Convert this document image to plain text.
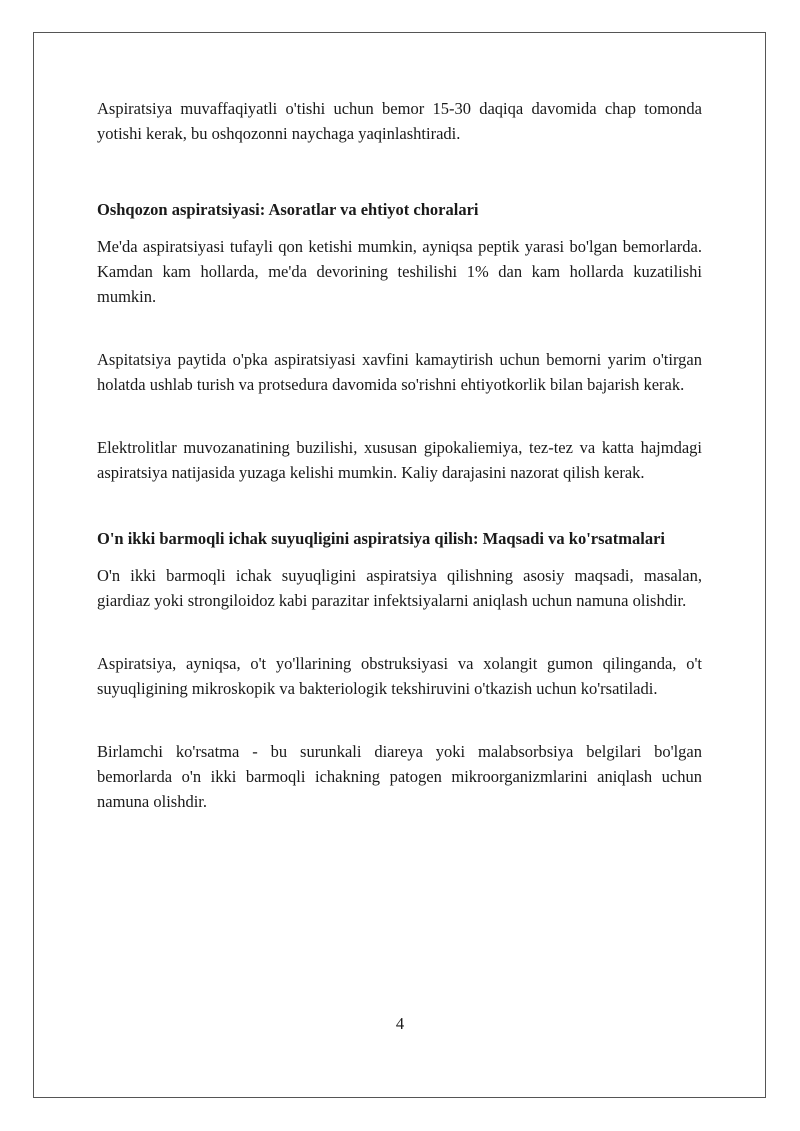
Aspiratsiya muvaffaqiyatli o'tishi uchun bemor 15-30 daqiqa davomida chap tomonda yotishi kerak, bu oshqozonni naychaga yaqinlashtiradi.

Oshqozon aspiratsiyasi: Asoratlar va ehtiyot choralari

Me'da aspiratsiyasi tufayli qon ketishi mumkin, ayniqsa peptik yarasi bo'lgan bemorlarda. Kamdan kam hollarda, me'da devorining teshilishi 1% dan kam hollarda kuzatilishi mumkin.

Aspitatsiya paytida o'pka aspiratsiyasi xavfini kamaytirish uchun bemorni yarim o'tirgan holatda ushlab turish va protsedura davomida so'rishni ehtiyotkorlik bilan bajarish kerak.

Elektrolitlar muvozanatining buzilishi, xususan gipokaliemiya, tez-tez va katta hajmdagi aspiratsiya natijasida yuzaga kelishi mumkin. Kaliy darajasini nazorat qilish kerak.

O'n ikki barmoqli ichak suyuqligini aspiratsiya qilish: Maqsadi va ko'rsatmalari

O'n ikki barmoqli ichak suyuqligini aspiratsiya qilishning asosiy maqsadi, masalan, giardiaz yoki strongiloidoz kabi parazitar infektsiyalarni aniqlash uchun namuna olishdir.

Aspiratsiya, ayniqsa, o't yo'llarining obstruksiyasi va xolangit gumon qilinganda, o't suyuqligining mikroskopik va bakteriologik tekshiruvini o'tkazish uchun ko'rsatiladi.

Birlamchi ko'rsatma - bu surunkali diareya yoki malabsorbsiya belgilari bo'lgan bemorlarda o'n ikki barmoqli ichakning patogen mikroorganizmlarini aniqlash uchun namuna olishdir.

4
